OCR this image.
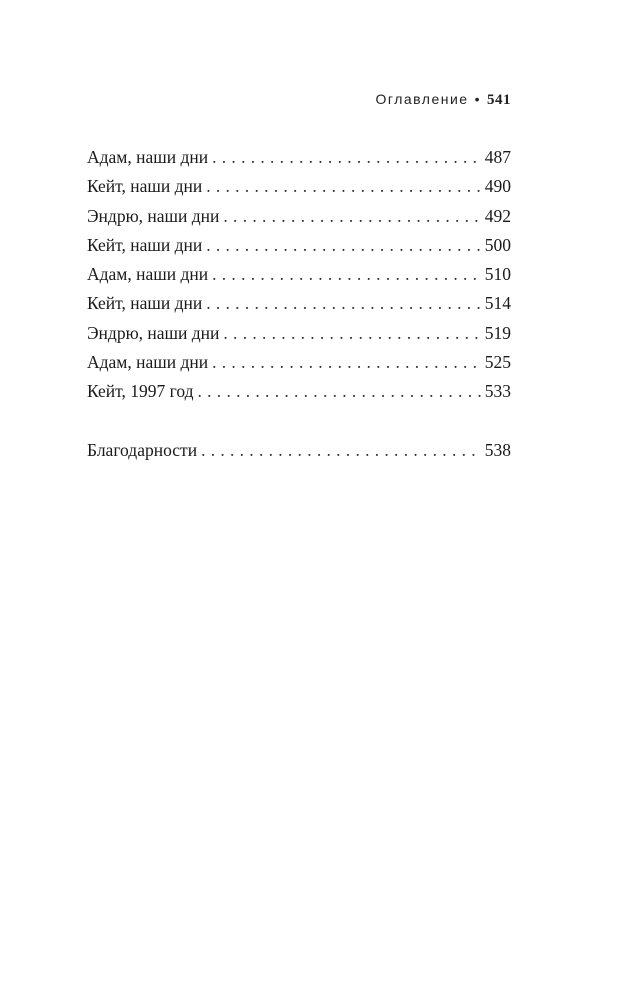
Оглавление • 541
Адам, наши дни . . .	487
Кейт, наши дни . . .	490
Эндрю, наши дни . . .	492
Кейт, наши дни . . .	500
Адам, наши дни . . .	510
Кейт, наши дни . . .	514
Эндрю, наши дни . . .	519
Адам, наши дни . . .	525
Кейт, 1997 год . . .	533
Благодарности . . .	538
